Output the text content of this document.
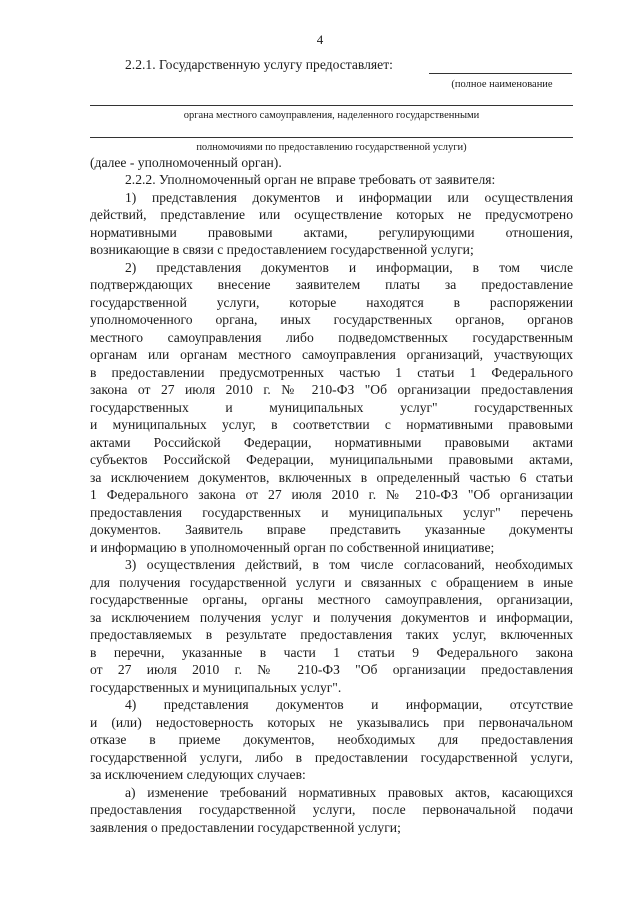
4
2.2.1. Государственную услугу предоставляет:
(полное наименование
органа местного самоуправления, наделенного государственными
полномочиями по предоставлению государственной услуги)
(далее - уполномоченный орган).
2.2.2. Уполномоченный орган не вправе требовать от заявителя:
1) представления документов и информации или осуществления
действий, представление или осуществление которых не предусмотрено
нормативными правовыми актами, регулирующими отношения,
возникающие в связи с предоставлением государственной услуги;
2) представления документов и информации, в том числе
подтверждающих внесение заявителем платы за предоставление
государственной услуги, которые находятся в распоряжении
уполномоченного органа, иных государственных органов, органов
местного самоуправления либо подведомственных государственным
органам или органам местного самоуправления организаций, участвующих
в предоставлении предусмотренных частью 1 статьи 1 Федерального
закона от 27 июля 2010 г. № 210-ФЗ "Об организации предоставления
государственных и муниципальных услуг" государственных
и муниципальных услуг, в соответствии с нормативными правовыми
актами Российской Федерации, нормативными правовыми актами
субъектов Российской Федерации, муниципальными правовыми актами,
за исключением документов, включенных в определенный частью 6 статьи
1 Федерального закона от 27 июля 2010 г. № 210-ФЗ "Об организации
предоставления государственных и муниципальных услуг" перечень
документов. Заявитель вправе представить указанные документы
и информацию в уполномоченный орган по собственной инициативе;
3) осуществления действий, в том числе согласований, необходимых
для получения государственной услуги и связанных с обращением в иные
государственные органы, органы местного самоуправления, организации,
за исключением получения услуг и получения документов и информации,
предоставляемых в результате предоставления таких услуг, включенных
в перечни, указанные в части 1 статьи 9 Федерального закона
от 27 июля 2010 г. № 210-ФЗ "Об организации предоставления
государственных и муниципальных услуг".
4) представления документов и информации, отсутствие
и (или) недостоверность которых не указывались при первоначальном
отказе в приеме документов, необходимых для предоставления
государственной услуги, либо в предоставлении государственной услуги,
за исключением следующих случаев:
а) изменение требований нормативных правовых актов, касающихся
предоставления государственной услуги, после первоначальной подачи
заявления о предоставлении государственной услуги;
